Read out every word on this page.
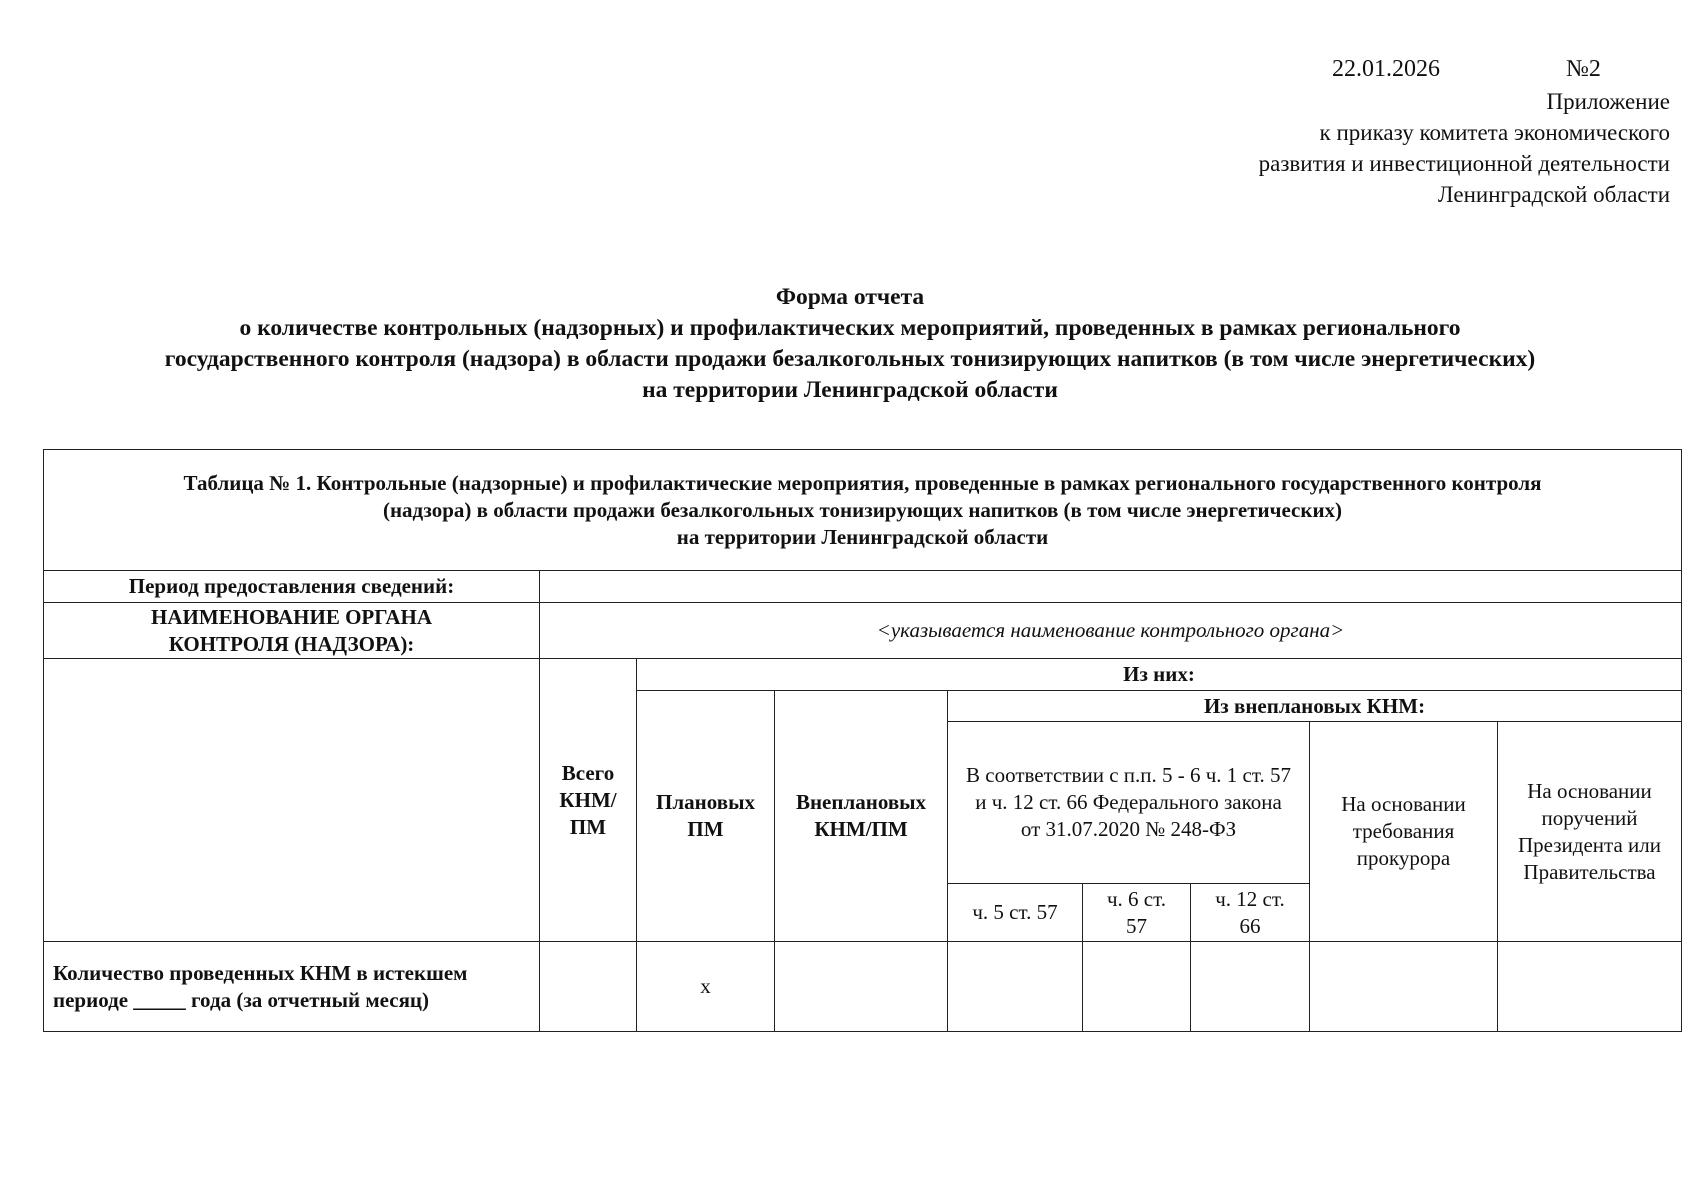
22.01.2026	№2
Приложение
к приказу комитета экономического
развития и инвестиционной деятельности
Ленинградской области
Форма отчета
о количестве контрольных (надзорных) и профилактических мероприятий, проведенных в рамках регионального
государственного контроля (надзора) в области продажи безалкогольных тонизирующих напитков (в том числе энергетических)
на территории Ленинградской области
Таблица № 1. Контрольные (надзорные) и профилактические мероприятия, проведенные в рамках регионального государственного контроля
(надзора) в области продажи безалкогольных тонизирующих напитков (в том числе энергетических)
на территории Ленинградской области								

Период предоставления сведений:								
НАИМЕНОВАНИЕ ОРГАНА КОНТРОЛЯ (НАДЗОРА):	<указывается наименование контрольного органа>							
	Всего КНМ/ ПМ	Из них:						
		Плановых ПМ	Внеплановых КНМ/ПМ	Из внеплановых КНМ:				
				В соответствии с п.п. 5 - 6 ч. 1 ст. 57 и ч. 12 ст. 66 Федерального закона от 31.07.2020 № 248-ФЗ			На основании требования прокурора	На основании поручений Президента или Правительства
				ч. 5 ст. 57	ч. 6 ст. 57	ч. 12 ст. 66		
Количество проведенных КНМ в истекшем периоде _____ года (за отчетный месяц)		х						
